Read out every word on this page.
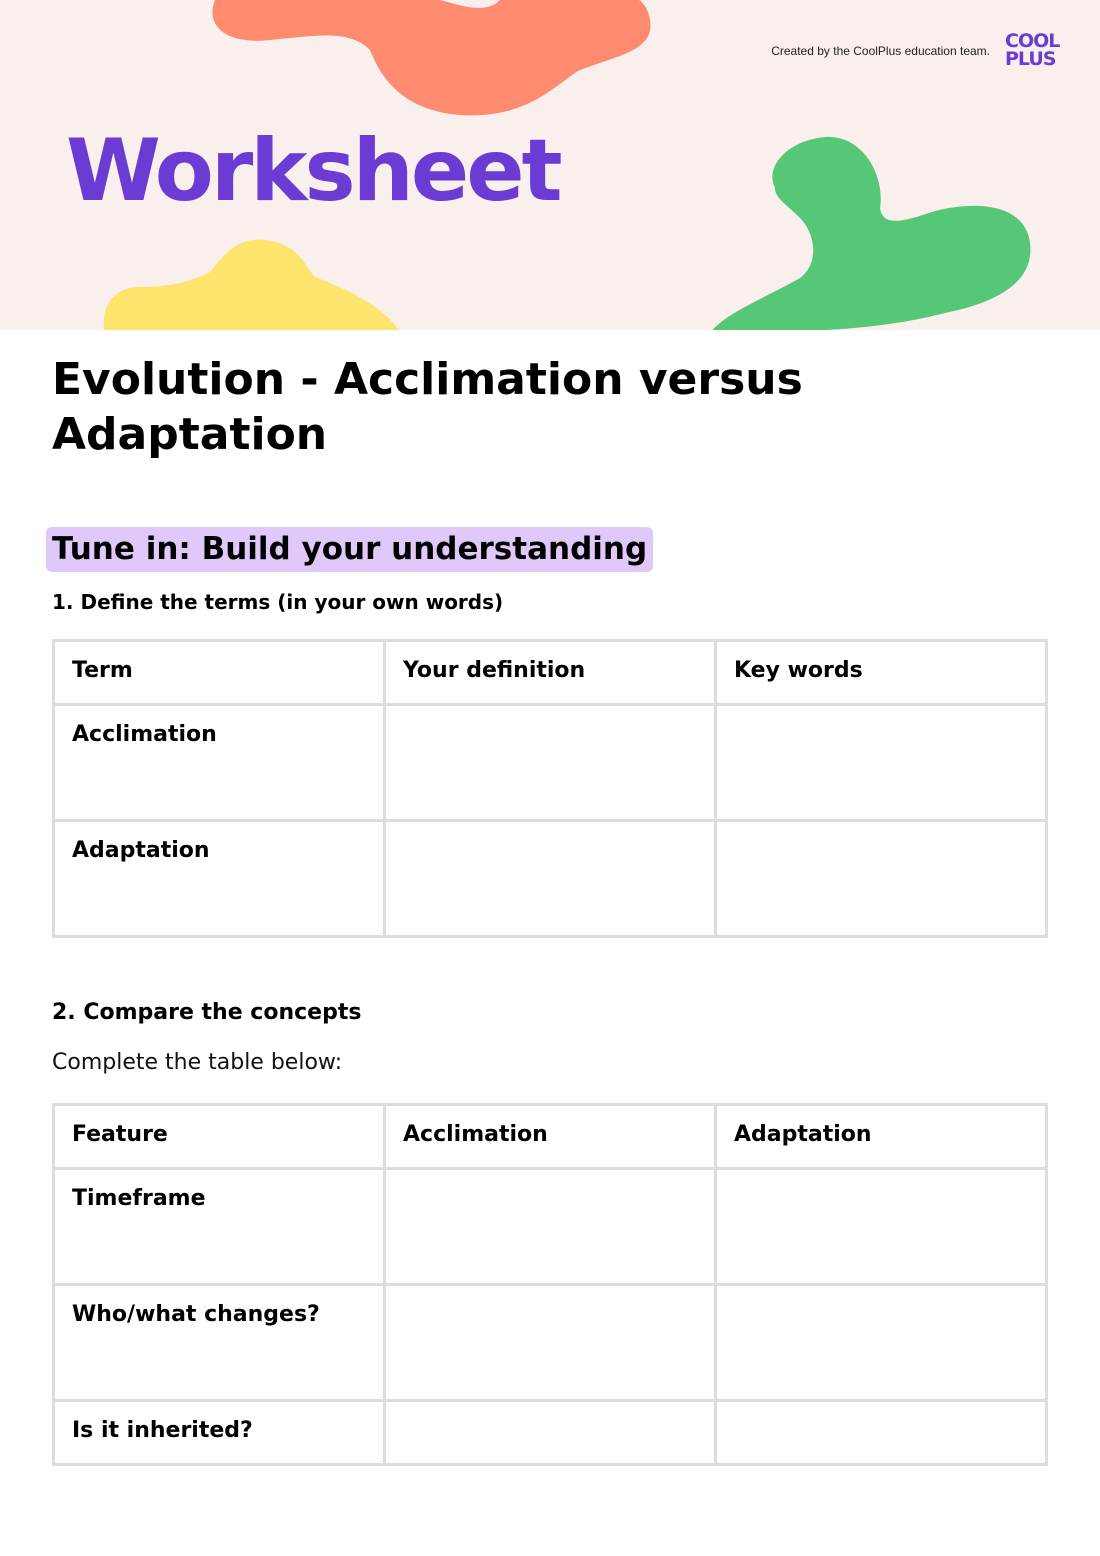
Created by the CoolPlus education team. COOL
PLUS
Worksheet
Evolution - Acclimation versus Adaptation
Tune in: Build your understanding

1. Define the terms (in your own words)

Term	Your definition	Key words
Acclimation		
Adaptation		

2. Compare the concepts

Complete the table below:

Feature	Acclimation	Adaptation
Timeframe		
Who/what changes?		
Is it inherited?		
